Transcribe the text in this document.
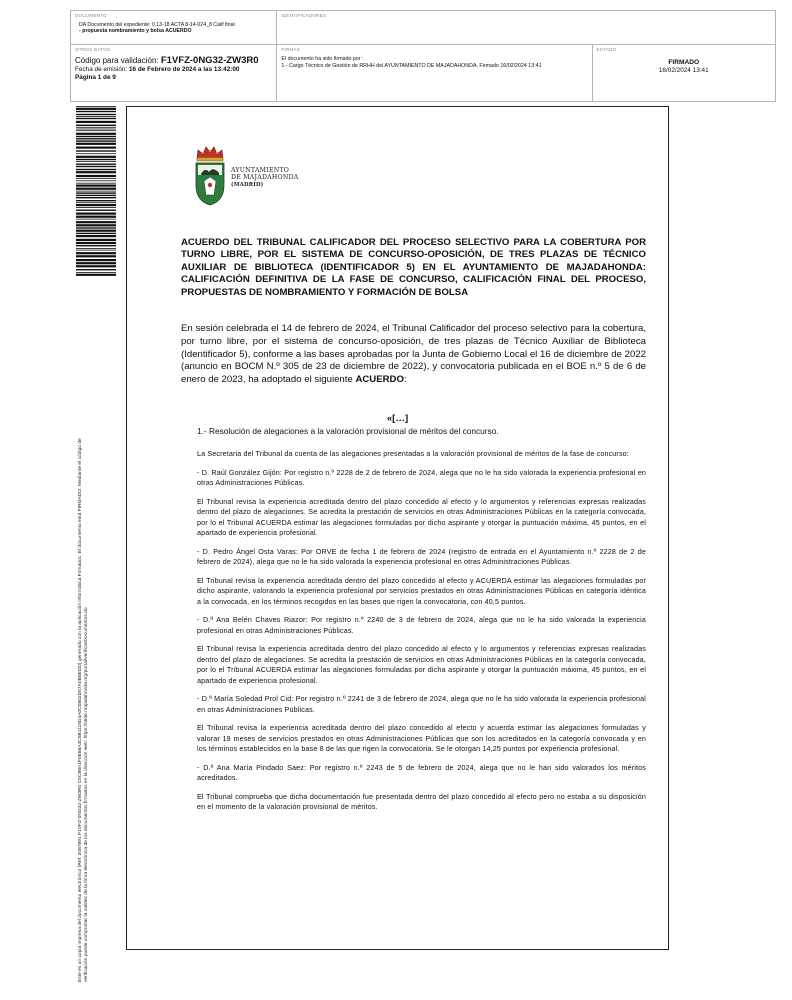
DOCUMENTO
DA Documento del expediente: 0.13-18 ACTA 8-14-024_8 Calif final
- propuesta nombramiento y bolsa ACUERDO
IDENTIFICADORES
OTROS DATOS
Código para validación: F1VFZ-0NG32-ZW3R0
Fecha de emisión: 16 de Febrero de 2024 a las 13:42:00
Página 1 de 9
FIRMAS
El documento ha sido firmado por :
1.- Cargo Técnico de Gestión de RRHH del AYUNTAMIENTO DE MAJADAHONDA. Firmado 16/02/2024 13:41
ESTADO
FIRMADO
16/02/2024 13:41
Este es un copia impresa del documento electrónico (Ref: 2087891 F1VFZ-0NG32-ZW3R0 C5C98A1F0E88A4C5B1115D4A0C0802D57A0B6EDD) generado con la aplicación informática Firmadoc. El documento está FIRMADO. Mediante el código de verificación puede comprobar la validez de la firma electrónica de los documentos firmados en la dirección web: https://sede.majadahonda.org/portal/verificarDocumentos.do
AYUNTAMIENTO
DE MAJADAHONDA
(MADRID)
ACUERDO DEL TRIBUNAL CALIFICADOR DEL PROCESO SELECTIVO PARA LA COBERTURA POR TURNO LIBRE, POR EL SISTEMA DE CONCURSO-OPOSICIÓN, DE TRES PLAZAS DE TÉCNICO AUXILIAR DE BIBLIOTECA (IDENTIFICADOR 5) EN EL AYUNTAMIENTO DE MAJADAHONDA: CALIFICACIÓN DEFINITIVA DE LA FASE DE CONCURSO, CALIFICACIÓN FINAL DEL PROCESO, PROPUESTAS DE NOMBRAMIENTO Y FORMACIÓN DE BOLSA
En sesión celebrada el 14 de febrero de 2024, el Tribunal Calificador del proceso selectivo para la cobertura, por turno libre, por el sistema de concurso-oposición, de tres plazas de Técnico Auxiliar de Biblioteca (Identificador 5), conforme a las bases aprobadas por la Junta de Gobierno Local el 16 de diciembre de 2022 (anuncio en BOCM N.º 305 de 23 de diciembre de 2022), y convocatoria publicada en el BOE n.º 5 de 6 de enero de 2023, ha adoptado el siguiente ACUERDO:
«[…]
1.- Resolución de alegaciones a la valoración provisional de méritos del concurso.

La Secretaria del Tribunal da cuenta de las alegaciones presentadas a la valoración provisional de méritos de la fase de concurso:

- D. Raúl González Gijón: Por registro n.º 2228 de 2 de febrero de 2024, alega que no le ha sido valorada la experiencia profesional en otras Administraciones Públicas.

El Tribunal revisa la experiencia acreditada dentro del plazo concedido al efecto y lo argumentos y referencias expresas realizadas dentro del plazo de alegaciones. Se acredita la prestación de servicios en otras Administraciones Públicas en la categoría convocada, por lo el Tribunal ACUERDA estimar las alegaciones formuladas por dicho aspirante y otorgar la puntuación máxima, 45 puntos, en el apartado de experiencia profesional.

- D. Pedro Ángel Osta Varas: Por ORVE de fecha 1 de febrero de 2024 (registro de entrada en el Ayuntamiento n.º 2228 de 2 de febrero de 2024), alega que no le ha sido valorada la experiencia profesional en otras Administraciones Públicas.

El Tribunal revisa la experiencia acreditada dentro del plazo concedido al efecto y ACUERDA estimar las alegaciones formuladas por dicho aspirante, valorando la experiencia profesional por servicios prestados en otras Administraciones Públicas en categoría idéntica a la convocada, en los términos recogidos en las bases que rigen la convocatoria, con 40,5 puntos.

- D.ª Ana Belén Chaves Riazor: Por registro n.º 2240 de 3 de febrero de 2024, alega que no le ha sido valorada la experiencia profesional en otras Administraciones Públicas.

El Tribunal revisa la experiencia acreditada dentro del plazo concedido al efecto y lo argumentos y referencias expresas realizadas dentro del plazo de alegaciones. Se acredita la prestación de servicios en otras Administraciones Públicas en la categoría convocada, por lo el Tribunal ACUERDA estimar las alegaciones formuladas por dicha aspirante y otorgar la puntuación máxima, 45 puntos, en el apartado de experiencia profesional.

- D.ª María Soledad Prol Cid: Por registro n.º 2241 de 3 de febrero de 2024, alega que no le ha sido valorada la experiencia profesional en otras Administraciones Públicas.

El Tribunal revisa la experiencia acreditada dentro del plazo concedido al efecto y acuerda estimar las alegaciones formuladas y valorar 19 meses de servicios prestados en otras Administraciones Públicas que son los acreditados en la categoría convocada y en los términos establecidos en la base 8 de las que rigen la convocatoria. Se le otorgan 14,25 puntos por experiencia profesional.

- D.ª Ana María Pindado Saez: Por registro n.º 2243 de 5 de febrero de 2024, alega que no le han sido valorados los méritos acreditados.

El Tribunal comprueba que dicha documentación fue presentada dentro del plazo concedido al efecto pero no estaba a su disposición en el momento de la valoración provisional de méritos.
